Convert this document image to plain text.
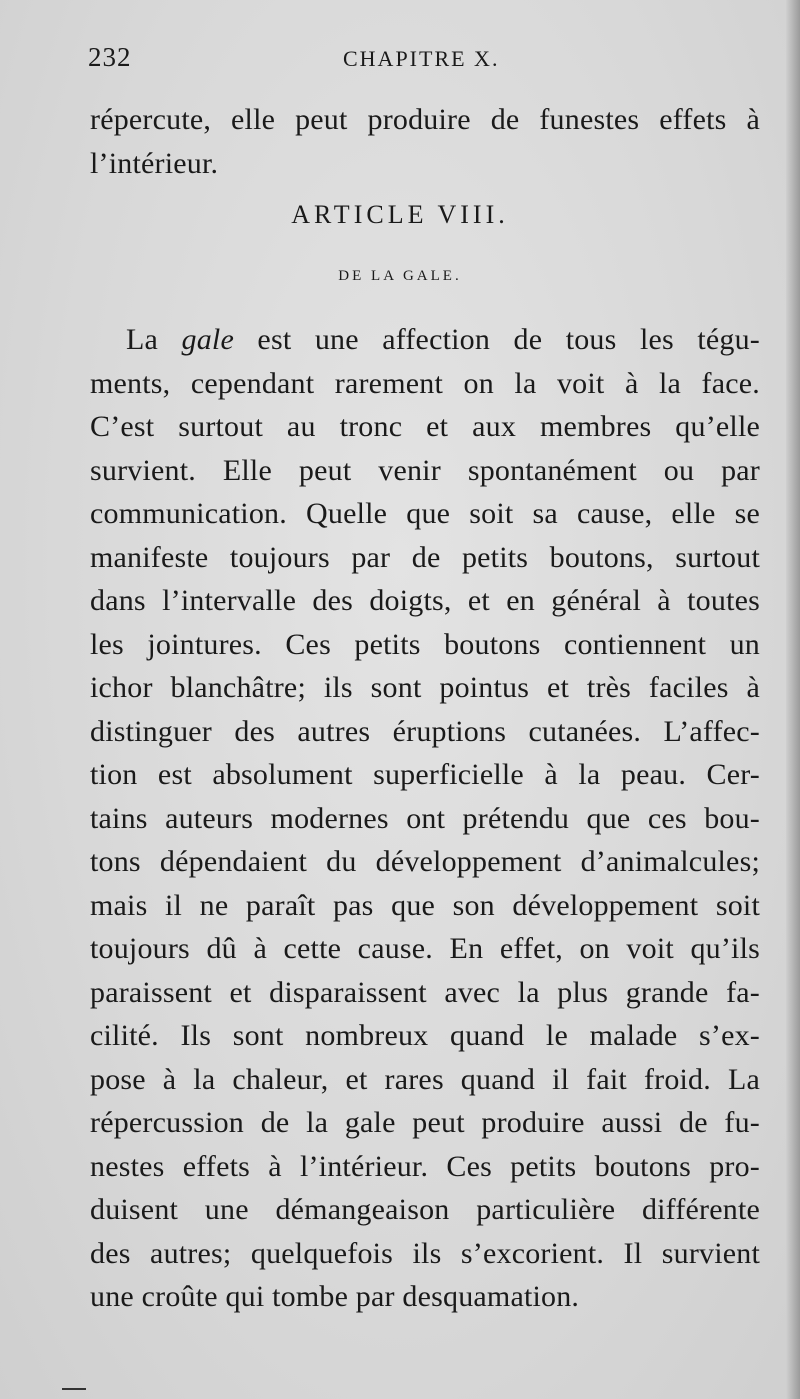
232	CHAPITRE X.
répercute, elle peut produire de funestes effets à
l’intérieur.
ARTICLE VIII.
DE LA GALE.
La gale est une affection de tous les tégu-
ments, cependant rarement on la voit à la face.
C’est surtout au tronc et aux membres qu’elle
survient. Elle peut venir spontanément ou par
communication. Quelle que soit sa cause, elle se
manifeste toujours par de petits boutons, surtout
dans l’intervalle des doigts, et en général à toutes
les jointures. Ces petits boutons contiennent un
ichor blanchâtre; ils sont pointus et très faciles à
distinguer des autres éruptions cutanées. L’affec-
tion est absolument superficielle à la peau. Cer-
tains auteurs modernes ont prétendu que ces bou-
tons dépendaient du développement d’animalcules;
mais il ne paraît pas que son développement soit
toujours dû à cette cause. En effet, on voit qu’ils
paraissent et disparaissent avec la plus grande fa-
cilité. Ils sont nombreux quand le malade s’ex-
pose à la chaleur, et rares quand il fait froid. La
répercussion de la gale peut produire aussi de fu-
nestes effets à l’intérieur. Ces petits boutons pro-
duisent une démangeaison particulière différente
des autres; quelquefois ils s’excorient. Il survient
une croûte qui tombe par desquamation.
